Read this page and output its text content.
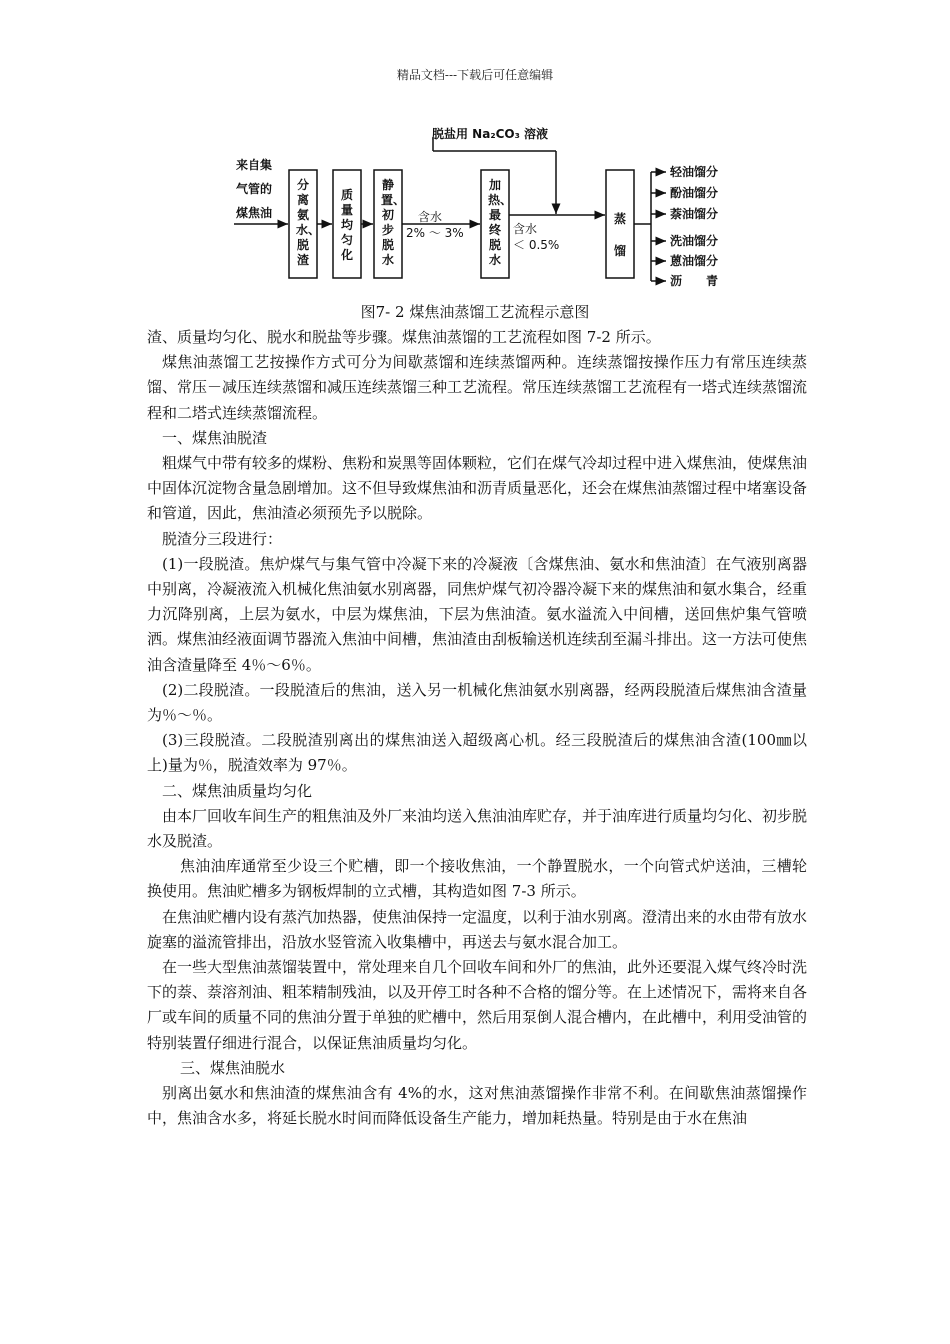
精品文档---下载后可任意编辑
脱盐用 Na₂CO₃ 溶液
来自集
气管的
煤焦油
分离氨水、脱渣
质量均匀化
静置、初步脱水
加热、最终脱水
蒸馏
含水
2% ～ 3%	含水
＜ 0.5%
轻油馏分
酚油馏分
萘油馏分
洗油馏分
蒽油馏分
沥　　青
图7- 2 煤焦油蒸馏工艺流程示意图

渣、质量均匀化、脱水和脱盐等步骤。煤焦油蒸馏的工艺流程如图 7-2 所示。

煤焦油蒸馏工艺按操作方式可分为间歇蒸馏和连续蒸馏两种。连续蒸馏按操作压力有常压连续蒸馏、常压－减压连续蒸馏和减压连续蒸馏三种工艺流程。常压连续蒸馏工艺流程有一塔式连续蒸馏流程和二塔式连续蒸馏流程。

一、煤焦油脱渣

粗煤气中带有较多的煤粉、焦粉和炭黑等固体颗粒，它们在煤气冷却过程中进入煤焦油，使煤焦油中固体沉淀物含量急剧增加。这不但导致煤焦油和沥青质量恶化，还会在煤焦油蒸馏过程中堵塞设备和管道，因此，焦油渣必须预先予以脱除。

脱渣分三段进行：

(1)一段脱渣。焦炉煤气与集气管中冷凝下来的冷凝液〔含煤焦油、氨水和焦油渣〕在气液别离器中别离，冷凝液流入机械化焦油氨水别离器，同焦炉煤气初冷器冷凝下来的煤焦油和氨水集合，经重力沉降别离，上层为氨水，中层为煤焦油，下层为焦油渣。氨水溢流入中间槽，送回焦炉集气管喷洒。煤焦油经液面调节器流入焦油中间槽，焦油渣由刮板输送机连续刮至漏斗排出。这一方法可使焦油含渣量降至 4％～6％。

(2)二段脱渣。一段脱渣后的焦油，送入另一机械化焦油氨水别离器，经两段脱渣后煤焦油含渣量为％～％。

(3)三段脱渣。二段脱渣别离出的煤焦油送入超级离心机。经三段脱渣后的煤焦油含渣(100㎜以上)量为％，脱渣效率为 97％。

二、煤焦油质量均匀化

由本厂回收车间生产的粗焦油及外厂来油均送入焦油油库贮存，并于油库进行质量均匀化、初步脱水及脱渣。

焦油油库通常至少设三个贮槽，即一个接收焦油，一个静置脱水，一个向管式炉送油，三槽轮换使用。焦油贮槽多为钢板焊制的立式槽，其构造如图 7-3 所示。

在焦油贮槽内设有蒸汽加热器，使焦油保持一定温度，以利于油水别离。澄清出来的水由带有放水旋塞的溢流管排出，沿放水竖管流入收集槽中，再送去与氨水混合加工。

在一些大型焦油蒸馏装置中，常处理来自几个回收车间和外厂的焦油，此外还要混入煤气终冷时洗下的萘、萘溶剂油、粗苯精制残油，以及开停工时各种不合格的馏分等。在上述情况下，需将来自各厂或车间的质量不同的焦油分置于单独的贮槽中，然后用泵倒人混合槽内，在此槽中，利用受油管的特别装置仔细进行混合，以保证焦油质量均匀化。

三、煤焦油脱水

别离出氨水和焦油渣的煤焦油含有 4%的水，这对焦油蒸馏操作非常不利。在间歇焦油蒸馏操作中，焦油含水多，将延长脱水时间而降低设备生产能力，增加耗热量。特别是由于水在焦油
